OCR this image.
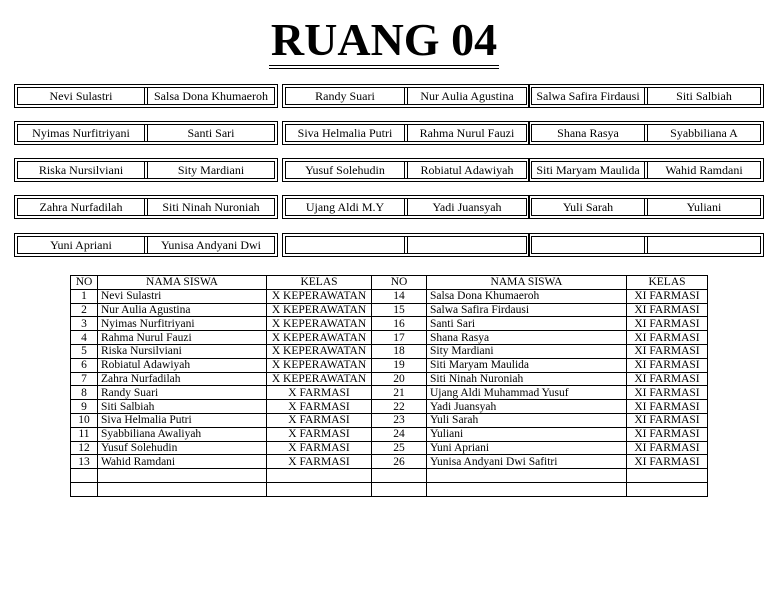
RUANG 04
Nevi Sulastri	Salsa Dona Khumaeroh	Randy Suari	Nur Aulia Agustina	Salwa Safira Firdausi	Siti Salbiah
Nyimas Nurfitriyani	Santi Sari	Siva Helmalia Putri	Rahma Nurul Fauzi	Shana Rasya	Syabbiliana A
Riska Nursilviani	Sity Mardiani	Yusuf Solehudin	Robiatul Adawiyah	Siti Maryam Maulida	Wahid Ramdani
Zahra Nurfadilah	Siti Ninah Nuroniah	Ujang Aldi M.Y	Yadi Juansyah	Yuli Sarah	Yuliani
Yuni Apriani	Yunisa Andyani Dwi
NO	NAMA SISWA	KELAS	NO	NAMA SISWA	KELAS
1	Nevi Sulastri	X KEPERAWATAN	14	Salsa Dona Khumaeroh	XI FARMASI
2	Nur Aulia Agustina	X KEPERAWATAN	15	Salwa Safira Firdausi	XI FARMASI
3	Nyimas Nurfitriyani	X KEPERAWATAN	16	Santi Sari	XI FARMASI
4	Rahma Nurul Fauzi	X KEPERAWATAN	17	Shana Rasya	XI FARMASI
5	Riska Nursilviani	X KEPERAWATAN	18	Sity Mardiani	XI FARMASI
6	Robiatul Adawiyah	X KEPERAWATAN	19	Siti Maryam Maulida	XI FARMASI
7	Zahra Nurfadilah	X KEPERAWATAN	20	Siti Ninah Nuroniah	XI FARMASI
8	Randy Suari	X FARMASI	21	Ujang Aldi Muhammad Yusuf	XI FARMASI
9	Siti Salbiah	X FARMASI	22	Yadi Juansyah	XI FARMASI
10	Siva Helmalia Putri	X FARMASI	23	Yuli Sarah	XI FARMASI
11	Syabbiliana Awaliyah	X FARMASI	24	Yuliani	XI FARMASI
12	Yusuf Solehudin	X FARMASI	25	Yuni Apriani	XI FARMASI
13	Wahid Ramdani	X FARMASI	26	Yunisa Andyani Dwi Safitri	XI FARMASI
